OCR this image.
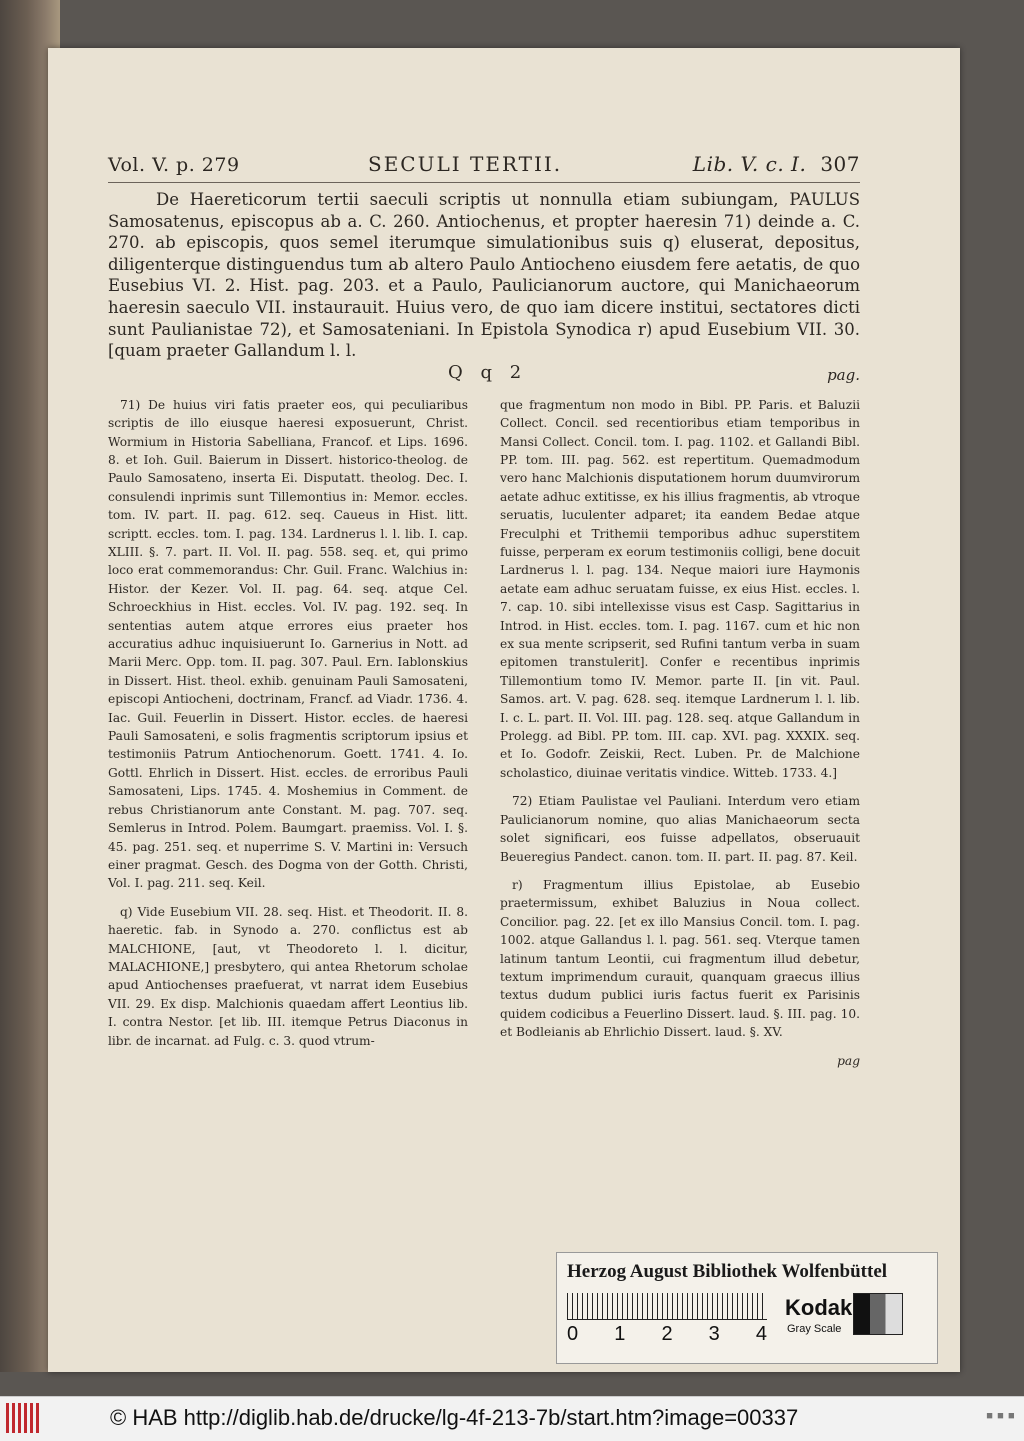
Vol. V. p. 279	SECULI TERTII.	Lib. V. c. I. 307

De Haereticorum tertii saeculi scriptis ut nonnulla etiam subiungam, PAULUS Samosatenus, episcopus ab a. C. 260. Antiochenus, et propter haeresin 71) deinde a. C. 270. ab episcopis, quos semel iterumque simulationibus suis q) eluserat, depositus, diligenterque distinguendus tum ab altero Paulo Antiocheno eiusdem fere aetatis, de quo Eusebius VI. 2. Hist. pag. 203. et a Paulo, Paulicianorum auctore, qui Manichaeorum haeresin saeculo VII. instaurauit. Huius vero, de quo iam dicere institui, sectatores dicti sunt Paulianistae 72), et Samosateniani. In Epistola Synodica r) apud Eusebium VII. 30. [quam praeter Gallandum l. l.

Q q 2	pag.

71) De huius viri fatis praeter eos, qui peculiaribus scriptis de illo eiusque haeresi exposuerunt, Christ. Wormium in Historia Sabelliana, Francof. et Lips. 1696. 8. et Ioh. Guil. Baierum in Dissert. historico-theolog. de Paulo Samosateno, inserta Ei. Disputatt. theolog. Dec. I. consulendi inprimis sunt Tillemontius in: Memor. eccles. tom. IV. part. II. pag. 612. seq. Caueus in Hist. litt. scriptt. eccles. tom. I. pag. 134. Lardnerus l. l. lib. I. cap. XLIII. §. 7. part. II. Vol. II. pag. 558. seq. et, qui primo loco erat commemorandus: Chr. Guil. Franc. Walchius in: Histor. der Kezer. Vol. II. pag. 64. seq. atque Cel. Schroeckhius in Hist. eccles. Vol. IV. pag. 192. seq. In sententias autem atque errores eius praeter hos accuratius adhuc inquisiuerunt Io. Garnerius in Nott. ad Marii Merc. Opp. tom. II. pag. 307. Paul. Ern. Iablonskius in Dissert. Hist. theol. exhib. genuinam Pauli Samosateni, episcopi Antiocheni, doctrinam, Francf. ad Viadr. 1736. 4. Iac. Guil. Feuerlin in Dissert. Histor. eccles. de haeresi Pauli Samosateni, e solis fragmentis scriptorum ipsius et testimoniis Patrum Antiochenorum. Goett. 1741. 4. Io. Gottl. Ehrlich in Dissert. Hist. eccles. de erroribus Pauli Samosateni, Lips. 1745. 4. Moshemius in Comment. de rebus Christianorum ante Constant. M. pag. 707. seq. Semlerus in Introd. Polem. Baumgart. praemiss. Vol. I. §. 45. pag. 251. seq. et nuperrime S. V. Martini in: Versuch einer pragmat. Gesch. des Dogma von der Gotth. Christi, Vol. I. pag. 211. seq. Keil.

q) Vide Eusebium VII. 28. seq. Hist. et Theodorit. II. 8. haeretic. fab. in Synodo a. 270. conflictus est ab MALCHIONE, [aut, vt Theodoreto l. l. dicitur, MALACHIONE,] presbytero, qui antea Rhetorum scholae apud Antiochenses praefuerat, vt narrat idem Eusebius VII. 29. Ex disp. Malchionis quaedam affert Leontius lib. I. contra Nestor. [et lib. III. itemque Petrus Diaconus in libr. de incarnat. ad Fulg. c. 3. quod vtrum-

que fragmentum non modo in Bibl. PP. Paris. et Baluzii Collect. Concil. sed recentioribus etiam temporibus in Mansi Collect. Concil. tom. I. pag. 1102. et Gallandi Bibl. PP. tom. III. pag. 562. est repertitum. Quemadmodum vero hanc Malchionis disputationem horum duumvirorum aetate adhuc extitisse, ex his illius fragmentis, ab vtroque seruatis, luculenter adparet; ita eandem Bedae atque Freculphi et Trithemii temporibus adhuc superstitem fuisse, perperam ex eorum testimoniis colligi, bene docuit Lardnerus l. l. pag. 134. Neque maiori iure Haymonis aetate eam adhuc seruatam fuisse, ex eius Hist. eccles. l. 7. cap. 10. sibi intellexisse visus est Casp. Sagittarius in Introd. in Hist. eccles. tom. I. pag. 1167. cum et hic non ex sua mente scripserit, sed Rufini tantum verba in suam epitomen transtulerit]. Confer e recentibus inprimis Tillemontium tomo IV. Memor. parte II. [in vit. Paul. Samos. art. V. pag. 628. seq. itemque Lardnerum l. l. lib. I. c. L. part. II. Vol. III. pag. 128. seq. atque Gallandum in Prolegg. ad Bibl. PP. tom. III. cap. XVI. pag. XXXIX. seq. et Io. Godofr. Zeiskii, Rect. Luben. Pr. de Malchione scholastico, diuinae veritatis vindice. Witteb. 1733. 4.]

72) Etiam Paulistae vel Pauliani. Interdum vero etiam Paulicianorum nomine, quo alias Manichaeorum secta solet significari, eos fuisse adpellatos, obseruauit Beueregius Pandect. canon. tom. II. part. II. pag. 87. Keil.

r) Fragmentum illius Epistolae, ab Eusebio praetermissum, exhibet Baluzius in Noua collect. Concilior. pag. 22. [et ex illo Mansius Concil. tom. I. pag. 1002. atque Gallandus l. l. pag. 561. seq. Vterque tamen latinum tantum Leontii, cui fragmentum illud debetur, textum imprimendum curauit, quanquam graecus illius textus dudum publici iuris factus fuerit ex Parisinis quidem codicibus a Feuerlino Dissert. laud. §. III. pag. 10. et Bodleianis ab Ehrlichio Dissert. laud. §. XV.

pag

Herzog August Bibliothek Wolfenbüttel
0 1 2 3 4
Kodak
Gray Scale
© HAB http://diglib.hab.de/drucke/lg-4f-213-7b/start.htm?image=00337	■ ■ ■
